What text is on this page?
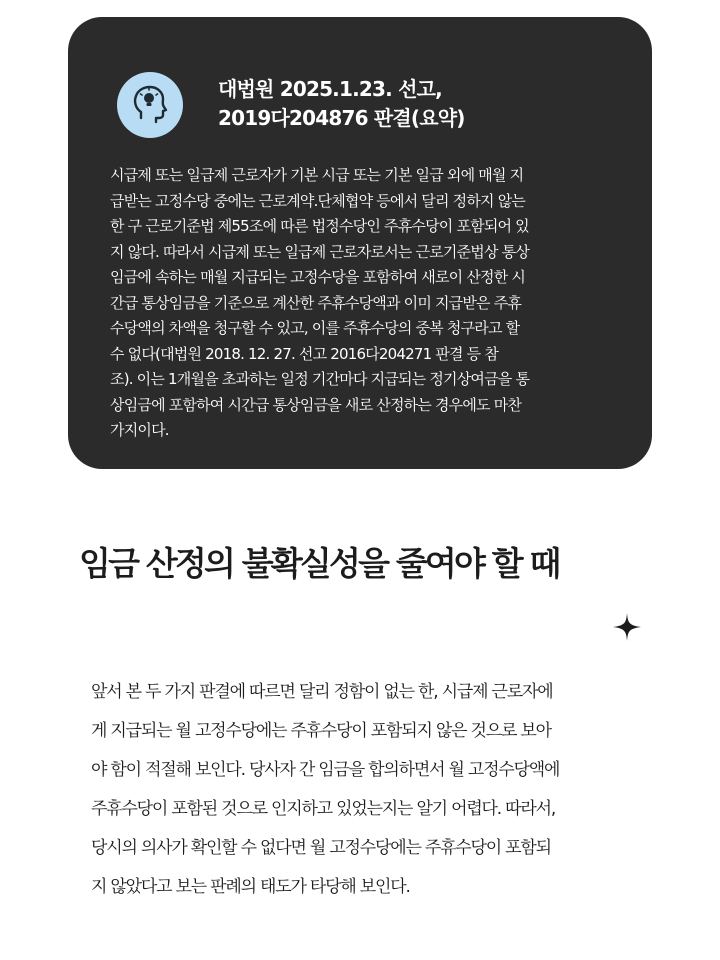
대법원 2025.1.23. 선고,
2019다204876 판결(요약)

시급제 또는 일급제 근로자가 기본 시급 또는 기본 일급 외에 매월 지
급받는 고정수당 중에는 근로계약.단체협약 등에서 달리 정하지 않는
한 구 근로기준법 제55조에 따른 법정수당인 주휴수당이 포함되어 있
지 않다. 따라서 시급제 또는 일급제 근로자로서는 근로기준법상 통상
임금에 속하는 매월 지급되는 고정수당을 포함하여 새로이 산정한 시
간급 통상임금을 기준으로 계산한 주휴수당액과 이미 지급받은 주휴
수당액의 차액을 청구할 수 있고, 이를 주휴수당의 중복 청구라고 할
수 없다(대법원 2018. 12. 27. 선고 2016다204271 판결 등 참
조). 이는 1개월을 초과하는 일정 기간마다 지급되는 정기상여금을 통
상임금에 포함하여 시간급 통상임금을 새로 산정하는 경우에도 마찬
가지이다.

임금 산정의 불확실성을 줄여야 할 때

앞서 본 두 가지 판결에 따르면 달리 정함이 없는 한, 시급제 근로자에
게 지급되는 월 고정수당에는 주휴수당이 포함되지 않은 것으로 보아
야 함이 적절해 보인다. 당사자 간 임금을 합의하면서 월 고정수당액에
주휴수당이 포함된 것으로 인지하고 있었는지는 알기 어렵다. 따라서,
당시의 의사가 확인할 수 없다면 월 고정수당에는 주휴수당이 포함되
지 않았다고 보는 판례의 태도가 타당해 보인다.
